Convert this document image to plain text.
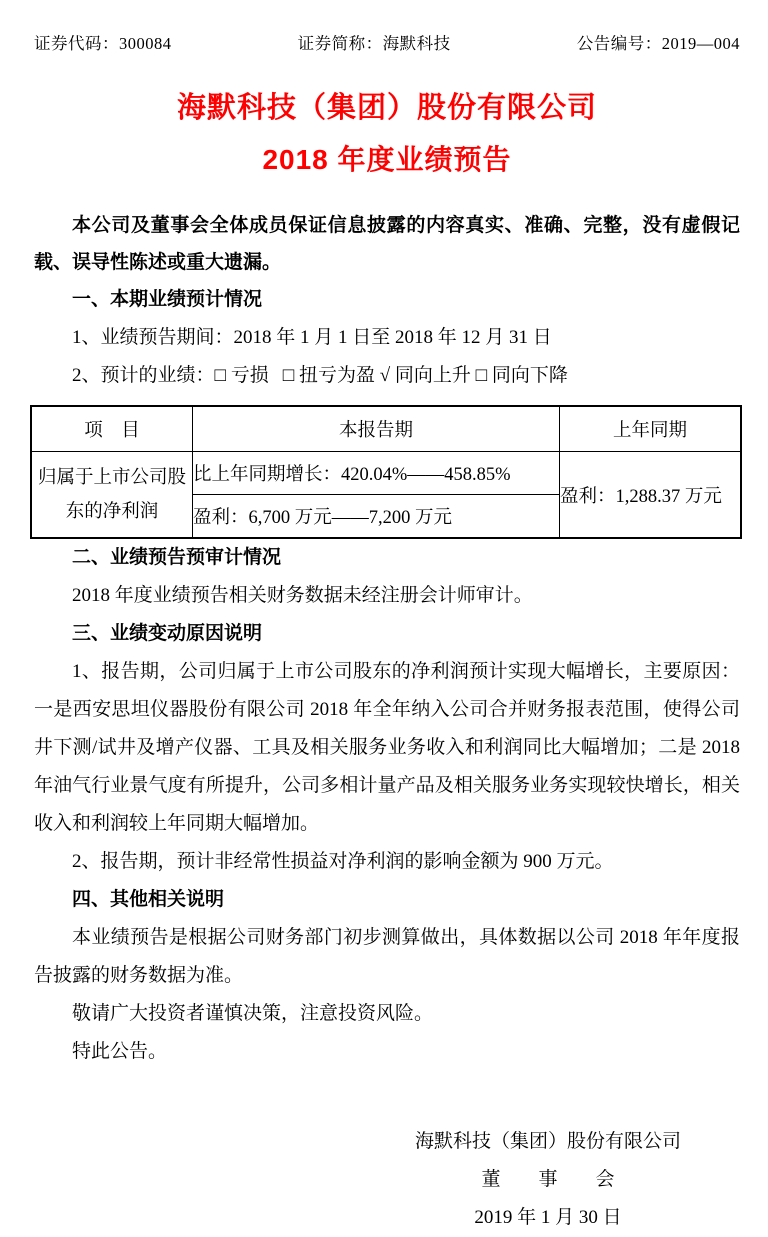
证券代码：300084	证券简称：海默科技	公告编号：2019—004
海默科技（集团）股份有限公司
2018 年度业绩预告
本公司及董事会全体成员保证信息披露的内容真实、准确、完整，没有虚假记载、误导性陈述或重大遗漏。

一、本期业绩预计情况

1、业绩预告期间：2018 年 1 月 1 日至 2018 年 12 月 31 日

2、预计的业绩：□ 亏损 □ 扭亏为盈 √ 同向上升 □ 同向下降

项　目	本报告期	上年同期
归属于上市公司股东的净利润	比上年同期增长：420.04%——458.85%	盈利：1,288.37 万元
	盈利：6,700 万元——7,200 万元	

二、业绩预告预审计情况

2018 年度业绩预告相关财务数据未经注册会计师审计。

三、业绩变动原因说明

1、报告期，公司归属于上市公司股东的净利润预计实现大幅增长，主要原因：一是西安思坦仪器股份有限公司 2018 年全年纳入公司合并财务报表范围，使得公司井下测/试井及增产仪器、工具及相关服务业务收入和利润同比大幅增加；二是 2018 年油气行业景气度有所提升，公司多相计量产品及相关服务业务实现较快增长，相关收入和利润较上年同期大幅增加。

2、报告期，预计非经常性损益对净利润的影响金额为 900 万元。

四、其他相关说明

本业绩预告是根据公司财务部门初步测算做出，具体数据以公司 2018 年年度报告披露的财务数据为准。

敬请广大投资者谨慎决策，注意投资风险。

特此公告。

海默科技（集团）股份有限公司
董　　事　　会
2019 年 1 月 30 日
